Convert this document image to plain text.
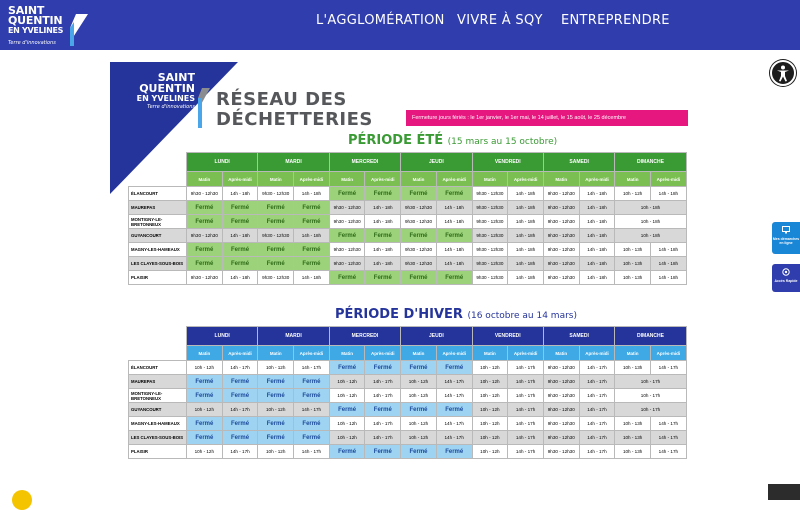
SAINT
QUENTIN
EN YVELINES
Terre d'innovations
L'AGGLOMÉRATION VIVRE À SQY ENTREPRENDRE
Mes démarches en ligne
Accès Rapide
SAINT
QUENTIN
EN YVELINES
Terre d'innovations RÉSEAU DES
DÉCHETTERIES	Fermeture jours fériés : le 1er janvier, le 1er mai, le 14 juillet, le 15 août, le 25 décembre
PÉRIODE ÉTÉ (15 mars au 15 octobre)
	LUNDI		MARDI		MERCREDI		JEUDI		VENDREDI		SAMEDI		DIMANCHE	
	Matin	Après-midi	Matin	Après-midi	Matin	Après-midi	Matin	Après-midi	Matin	Après-midi	Matin	Après-midi	Matin	Après-midi
ÉLANCOURT	9h30 - 12h30	14h - 18h	9h30 - 12h30	14h - 18h	Fermé	Fermé	Fermé	Fermé	9h30 - 12h30	14h - 18h	9h30 - 12h30	14h - 18h	10h - 12h	14h - 18h
MAUREPAS	Fermé	Fermé	Fermé	Fermé	9h30 - 12h30	14h - 18h	9h30 - 12h30	14h - 18h	9h30 - 12h30	14h - 18h	9h30 - 12h30	14h - 18h	10h - 18h	
MONTIGNY-LE-BRETONNEUX	Fermé	Fermé	Fermé	Fermé	9h30 - 12h30	14h - 18h	9h30 - 12h30	14h - 18h	9h30 - 12h30	14h - 18h	9h30 - 12h30	14h - 18h	10h - 18h	
GUYANCOURT	9h30 - 12h30	14h - 18h	9h30 - 12h30	14h - 18h	Fermé	Fermé	Fermé	Fermé	9h30 - 12h30	14h - 18h	9h30 - 12h30	14h - 18h	10h - 18h	
MAGNY-LES-HAMEAUX	Fermé	Fermé	Fermé	Fermé	9h30 - 12h30	14h - 18h	9h30 - 12h30	14h - 18h	9h30 - 12h30	14h - 18h	9h30 - 12h30	14h - 18h	10h - 13h	14h - 18h
LES CLAYES-SOUS-BOIS	Fermé	Fermé	Fermé	Fermé	9h30 - 12h30	14h - 18h	9h30 - 12h30	14h - 18h	9h30 - 12h30	14h - 18h	9h30 - 12h30	14h - 18h	10h - 13h	14h - 18h
PLAISIR	9h30 - 12h30	14h - 18h	9h30 - 12h30	14h - 18h	Fermé	Fermé	Fermé	Fermé	9h30 - 12h30	14h - 18h	9h30 - 12h30	14h - 18h	10h - 13h	14h - 18h
PÉRIODE D'HIVER (16 octobre au 14 mars)
	LUNDI		MARDI		MERCREDI		JEUDI		VENDREDI		SAMEDI		DIMANCHE	
	Matin	Après-midi	Matin	Après-midi	Matin	Après-midi	Matin	Après-midi	Matin	Après-midi	Matin	Après-midi	Matin	Après-midi
ÉLANCOURT	10h - 12h	14h - 17h	10h - 12h	14h - 17h	Fermé	Fermé	Fermé	Fermé	10h - 12h	14h - 17h	9h30 - 12h30	14h - 17h	10h - 13h	14h - 17h
MAUREPAS	Fermé	Fermé	Fermé	Fermé	10h - 12h	14h - 17h	10h - 12h	14h - 17h	10h - 12h	14h - 17h	9h30 - 12h30	14h - 17h	10h - 17h	
MONTIGNY-LE-BRETONNEUX	Fermé	Fermé	Fermé	Fermé	10h - 12h	14h - 17h	10h - 12h	14h - 17h	10h - 12h	14h - 17h	9h30 - 12h30	14h - 17h	10h - 17h	
GUYANCOURT	10h - 12h	14h - 17h	10h - 12h	14h - 17h	Fermé	Fermé	Fermé	Fermé	10h - 12h	14h - 17h	9h30 - 12h30	14h - 17h	10h - 17h	
MAGNY-LES-HAMEAUX	Fermé	Fermé	Fermé	Fermé	10h - 12h	14h - 17h	10h - 12h	14h - 17h	10h - 12h	14h - 17h	9h30 - 12h30	14h - 17h	10h - 13h	14h - 17h
LES CLAYES-SOUS-BOIS	Fermé	Fermé	Fermé	Fermé	10h - 12h	14h - 17h	10h - 12h	14h - 17h	10h - 12h	14h - 17h	9h30 - 12h30	14h - 17h	10h - 13h	14h - 17h
PLAISIR	10h - 12h	14h - 17h	10h - 12h	14h - 17h	Fermé	Fermé	Fermé	Fermé	10h - 12h	14h - 17h	9h30 - 12h30	14h - 17h	10h - 13h	14h - 17h
